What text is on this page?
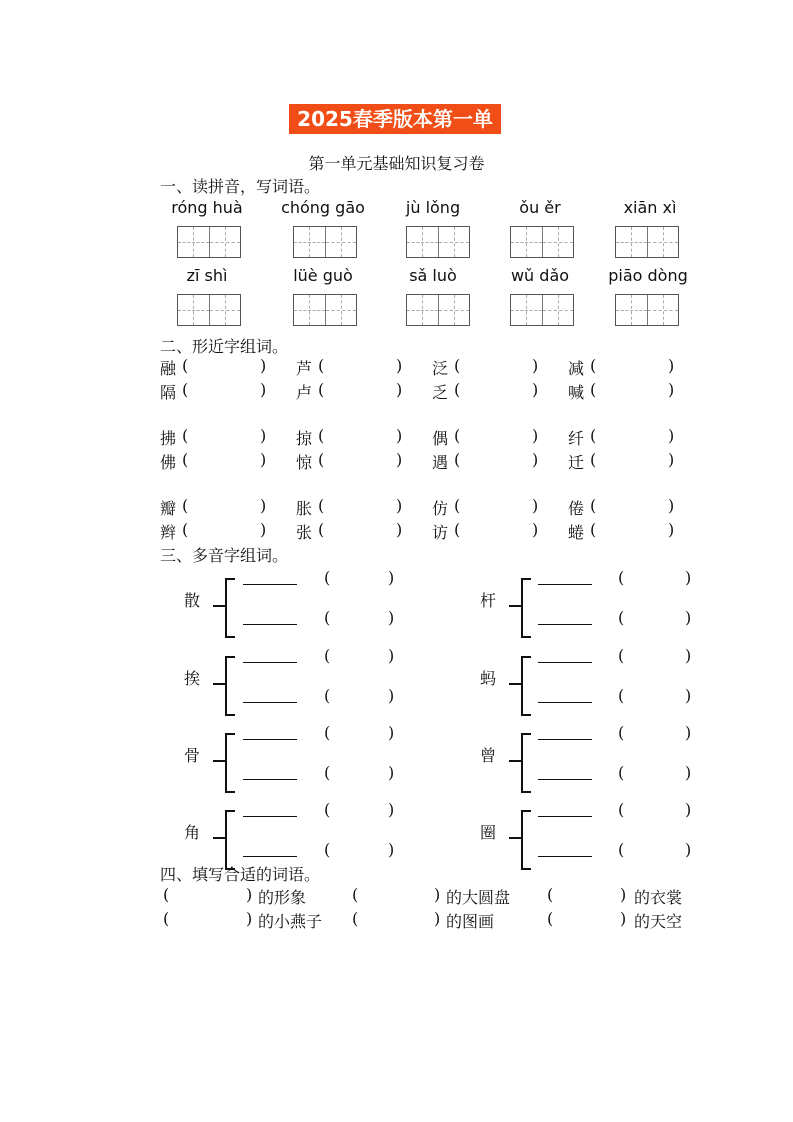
2025春季版本第一单元
第一单元基础知识复习卷
一、读拼音，写词语。
róng huà	chóng gāo	jù lǒng	ǒu ěr	xiān xì
zī shì	lüè guò	sǎ luò	wǔ dǎo	piāo dòng
二、形近字组词。
三、多音字组词。
四、填写合适的词语。
融 (	) 芦 (	) 泛 (	) 减 (	)
隔 (	) 卢 (	) 乏 (	) 喊 (	)
拂 (	) 掠 (	) 偶 (	) 纤 (	)
佛 (	) 惊 (	) 遇 (	) 迁 (	)
瓣 (	) 胀 (	) 仿 (	) 倦 (	)
辫 (	) 张 (	) 访 (	) 蜷 (	)
散
(	)
(	)
杆
(	)
(	)
挨
(	)
(	)
蚂
(	)
(	)
骨
(	)
(	)
曾
(	)
(	)
角
(	)
(	)
圈
(	)
(	)
(	) 的形象	(	) 的大圆盘 (	) 的衣裳
(	) 的小燕子 (	) 的图画	(	) 的天空
